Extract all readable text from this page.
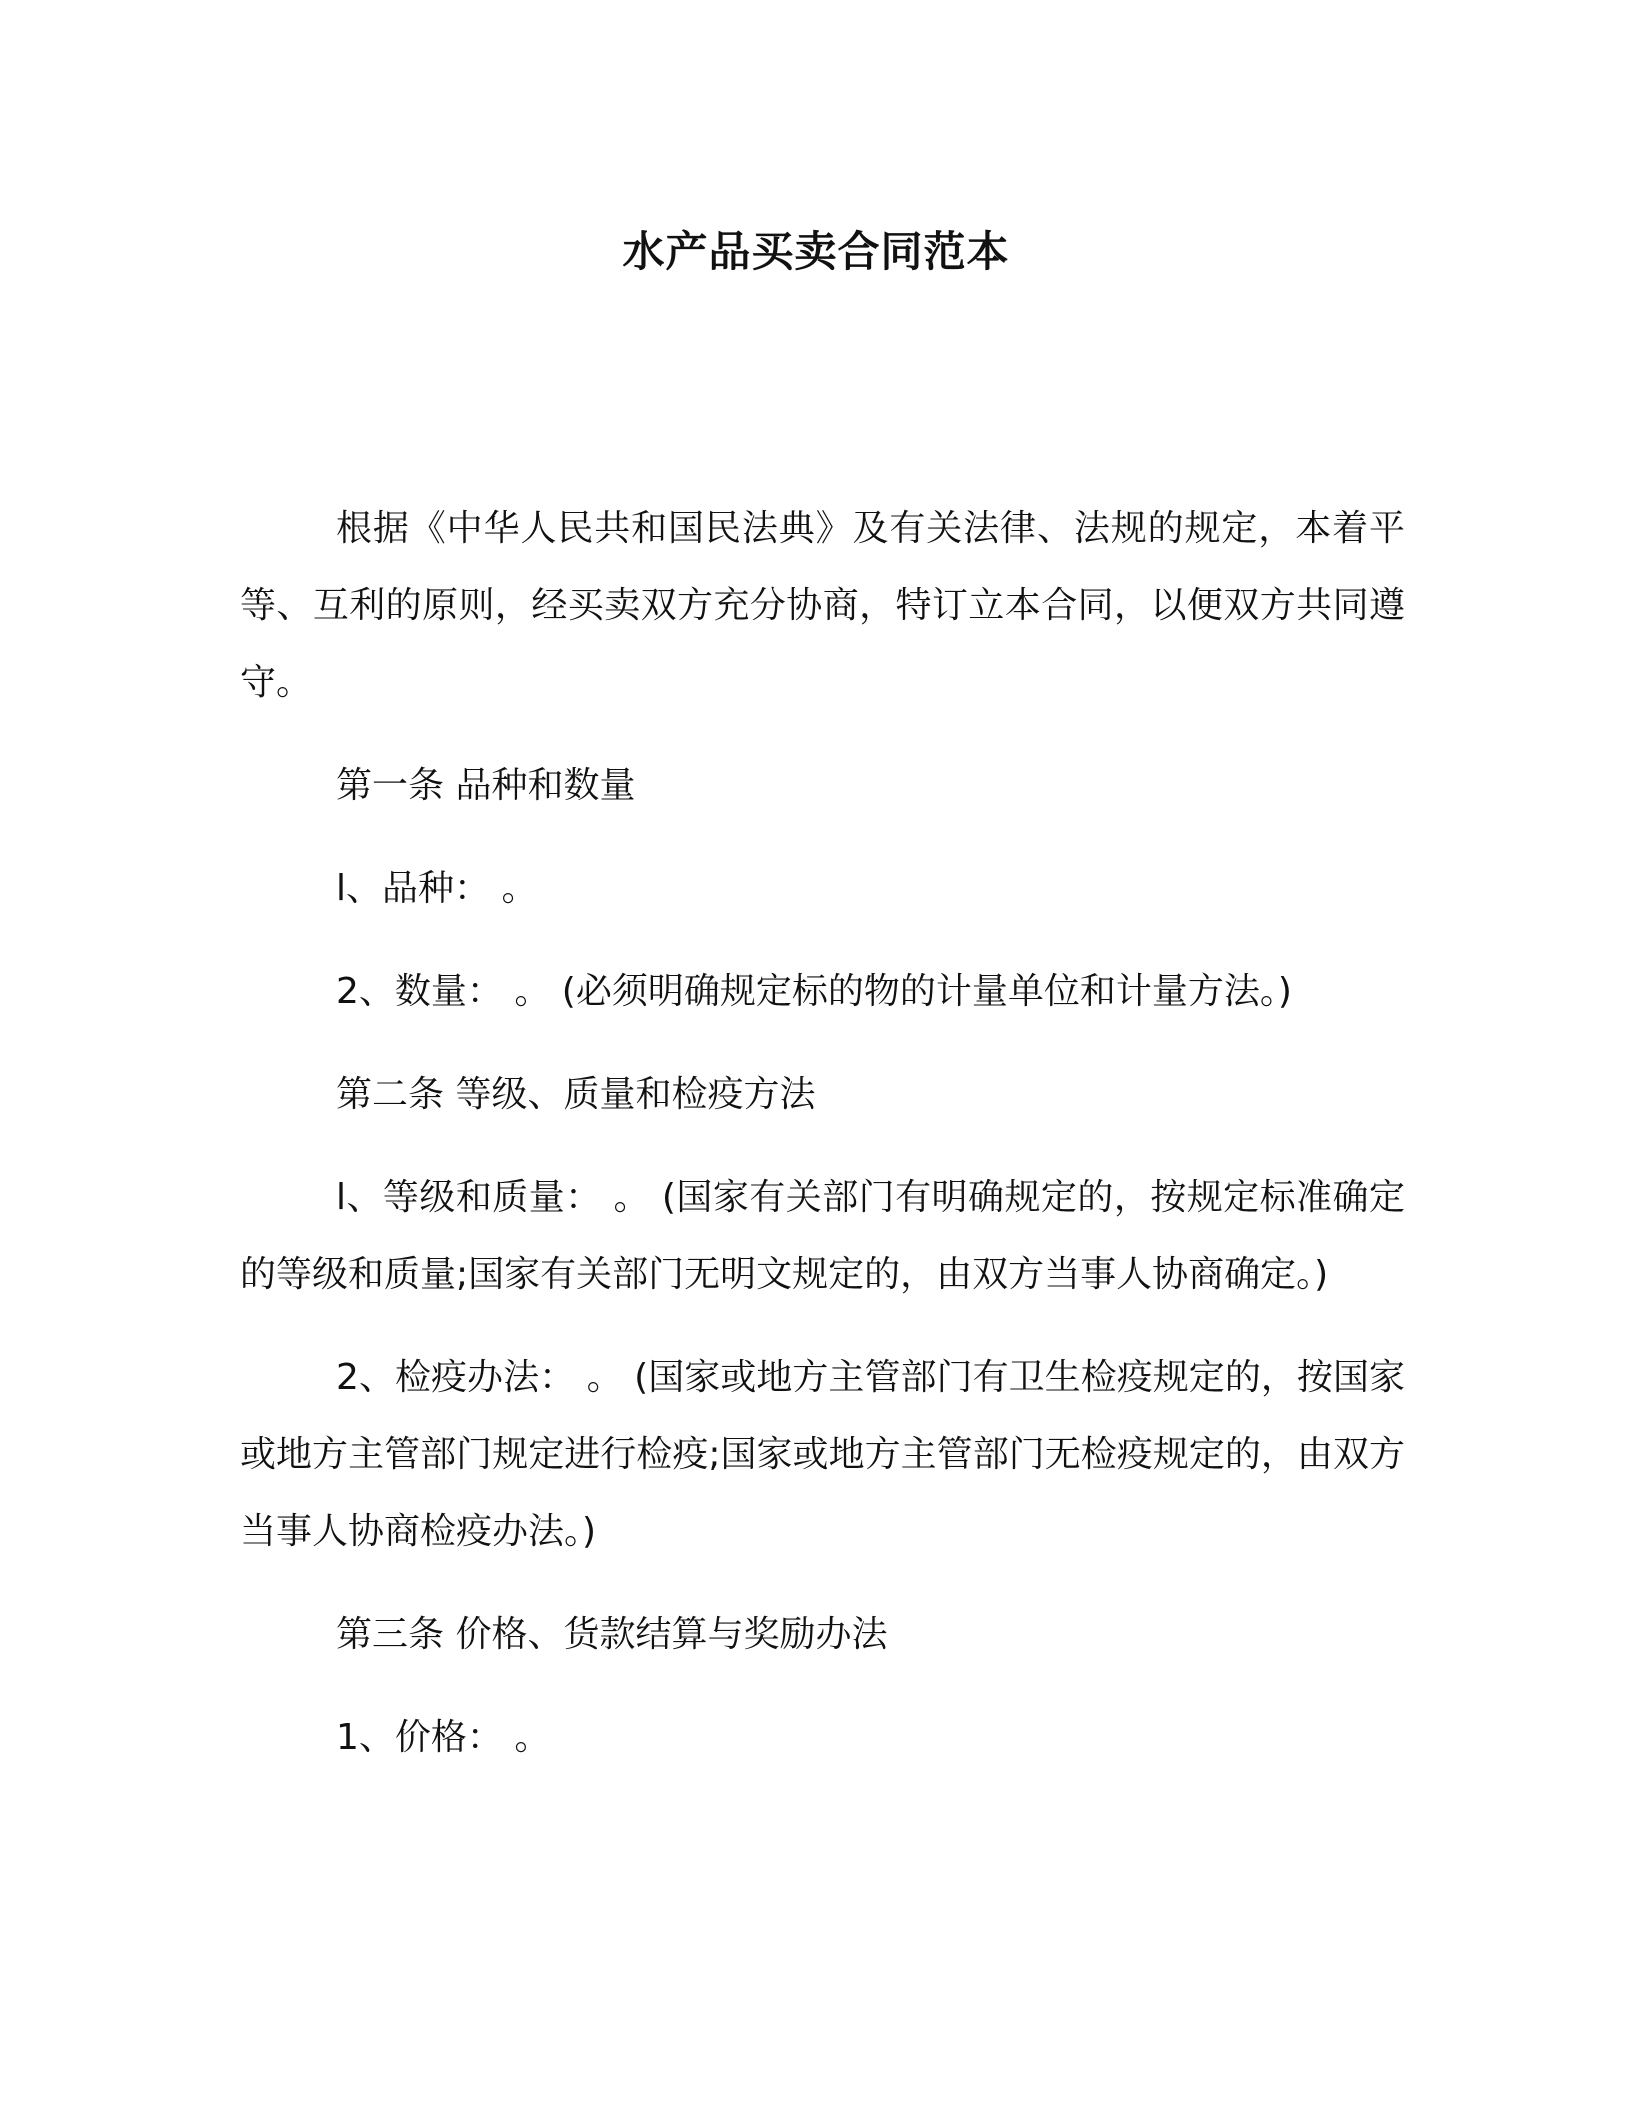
水产品买卖合同范本

根据《中华人民共和国民法典》及有关法律、法规的规定，本着平等、互利的原则，经买卖双方充分协商，特订立本合同，以便双方共同遵守。

第一条 品种和数量

l、品种： 。

2、数量： 。 (必须明确规定标的物的计量单位和计量方法。)

第二条 等级、质量和检疫方法

l、等级和质量： 。 (国家有关部门有明确规定的，按规定标准确定的等级和质量;国家有关部门无明文规定的，由双方当事人协商确定。)

2、检疫办法： 。 (国家或地方主管部门有卫生检疫规定的，按国家或地方主管部门规定进行检疫;国家或地方主管部门无检疫规定的，由双方当事人协商检疫办法。)

第三条 价格、货款结算与奖励办法

1、价格： 。
